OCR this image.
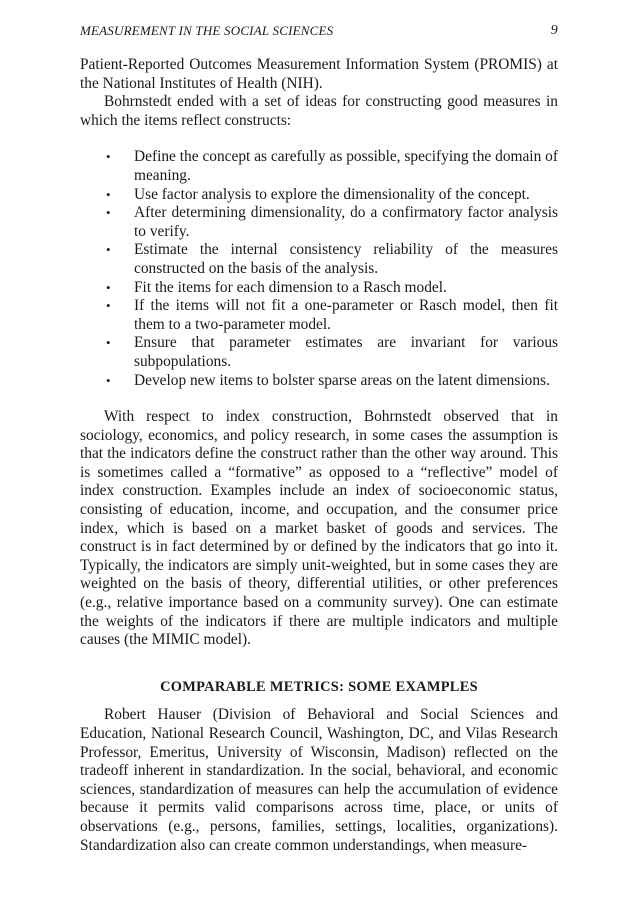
MEASUREMENT IN THE SOCIAL SCIENCES	9

Patient-Reported Outcomes Measurement Information System (PROMIS) at the National Institutes of Health (NIH).

Bohrnstedt ended with a set of ideas for constructing good measures in which the items reflect constructs:

• Define the concept as carefully as possible, specifying the domain of meaning.
• Use factor analysis to explore the dimensionality of the concept.
• After determining dimensionality, do a confirmatory factor analysis to verify.
• Estimate the internal consistency reliability of the measures constructed on the basis of the analysis.
• Fit the items for each dimension to a Rasch model.
• If the items will not fit a one-parameter or Rasch model, then fit them to a two-parameter model.
• Ensure that parameter estimates are invariant for various subpopulations.
• Develop new items to bolster sparse areas on the latent dimensions.

With respect to index construction, Bohrnstedt observed that in sociology, economics, and policy research, in some cases the assumption is that the indicators define the construct rather than the other way around. This is sometimes called a “formative” as opposed to a “reflective” model of index construction. Examples include an index of socioeconomic status, consisting of education, income, and occupation, and the consumer price index, which is based on a market basket of goods and services. The construct is in fact determined by or defined by the indicators that go into it. Typically, the indicators are simply unit-weighted, but in some cases they are weighted on the basis of theory, differential utilities, or other preferences (e.g., relative importance based on a community survey). One can estimate the weights of the indicators if there are multiple indicators and multiple causes (the MIMIC model).

COMPARABLE METRICS: SOME EXAMPLES

Robert Hauser (Division of Behavioral and Social Sciences and Education, National Research Council, Washington, DC, and Vilas Research Professor, Emeritus, University of Wisconsin, Madison) reflected on the tradeoff inherent in standardization. In the social, behavioral, and economic sciences, standardization of measures can help the accumulation of evidence because it permits valid comparisons across time, place, or units of observations (e.g., persons, families, settings, localities, organizations). Standardization also can create common understandings, when measure-
